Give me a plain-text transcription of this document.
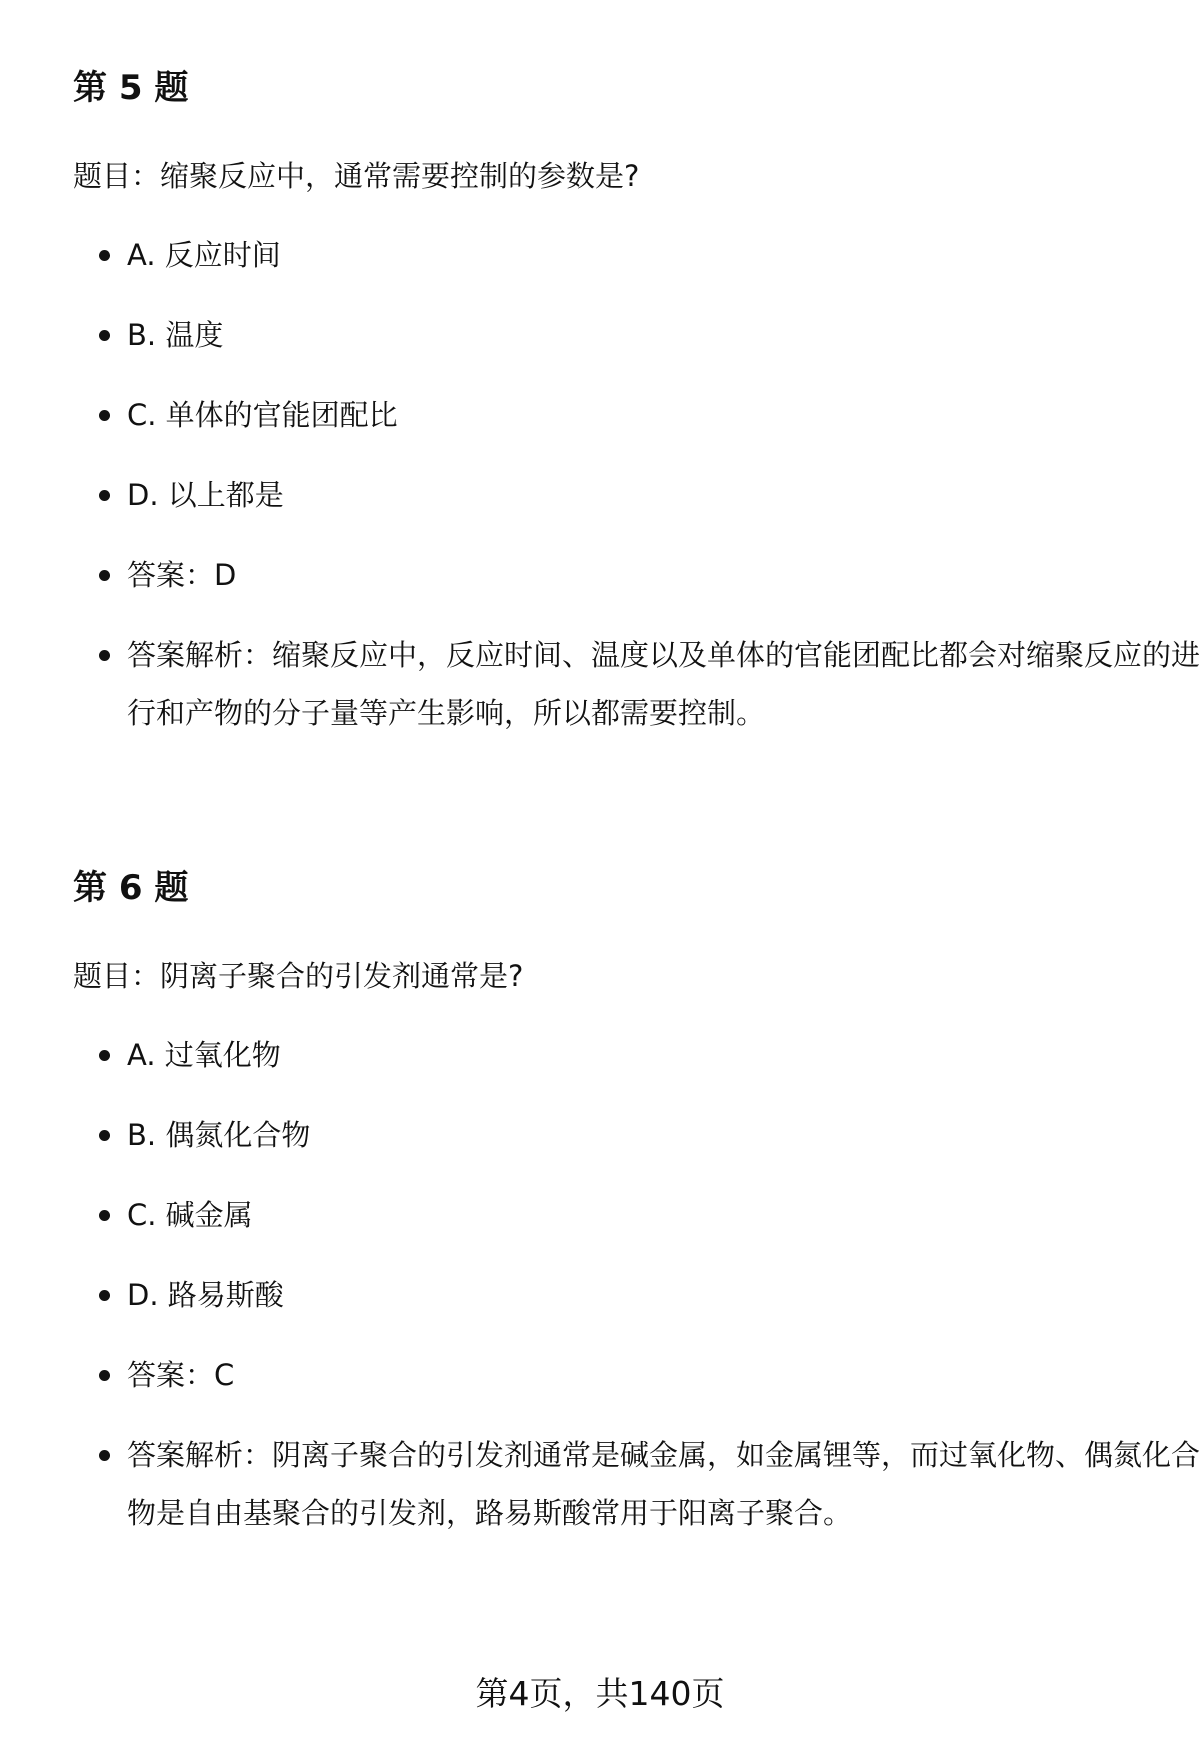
第 5 题

题目：缩聚反应中，通常需要控制的参数是?

A. 反应时间
B. 温度
C. 单体的官能团配比
D. 以上都是
答案：D
答案解析：缩聚反应中，反应时间、温度以及单体的官能团配比都会对缩聚反应的进行和产物的分子量等产生影响，所以都需要控制。
第 6 题

题目：阴离子聚合的引发剂通常是?

A. 过氧化物
B. 偶氮化合物
C. 碱金属
D. 路易斯酸
答案：C
答案解析：阴离子聚合的引发剂通常是碱金属，如金属锂等，而过氧化物、偶氮化合物是自由基聚合的引发剂，路易斯酸常用于阳离子聚合。
第4页，共140页
